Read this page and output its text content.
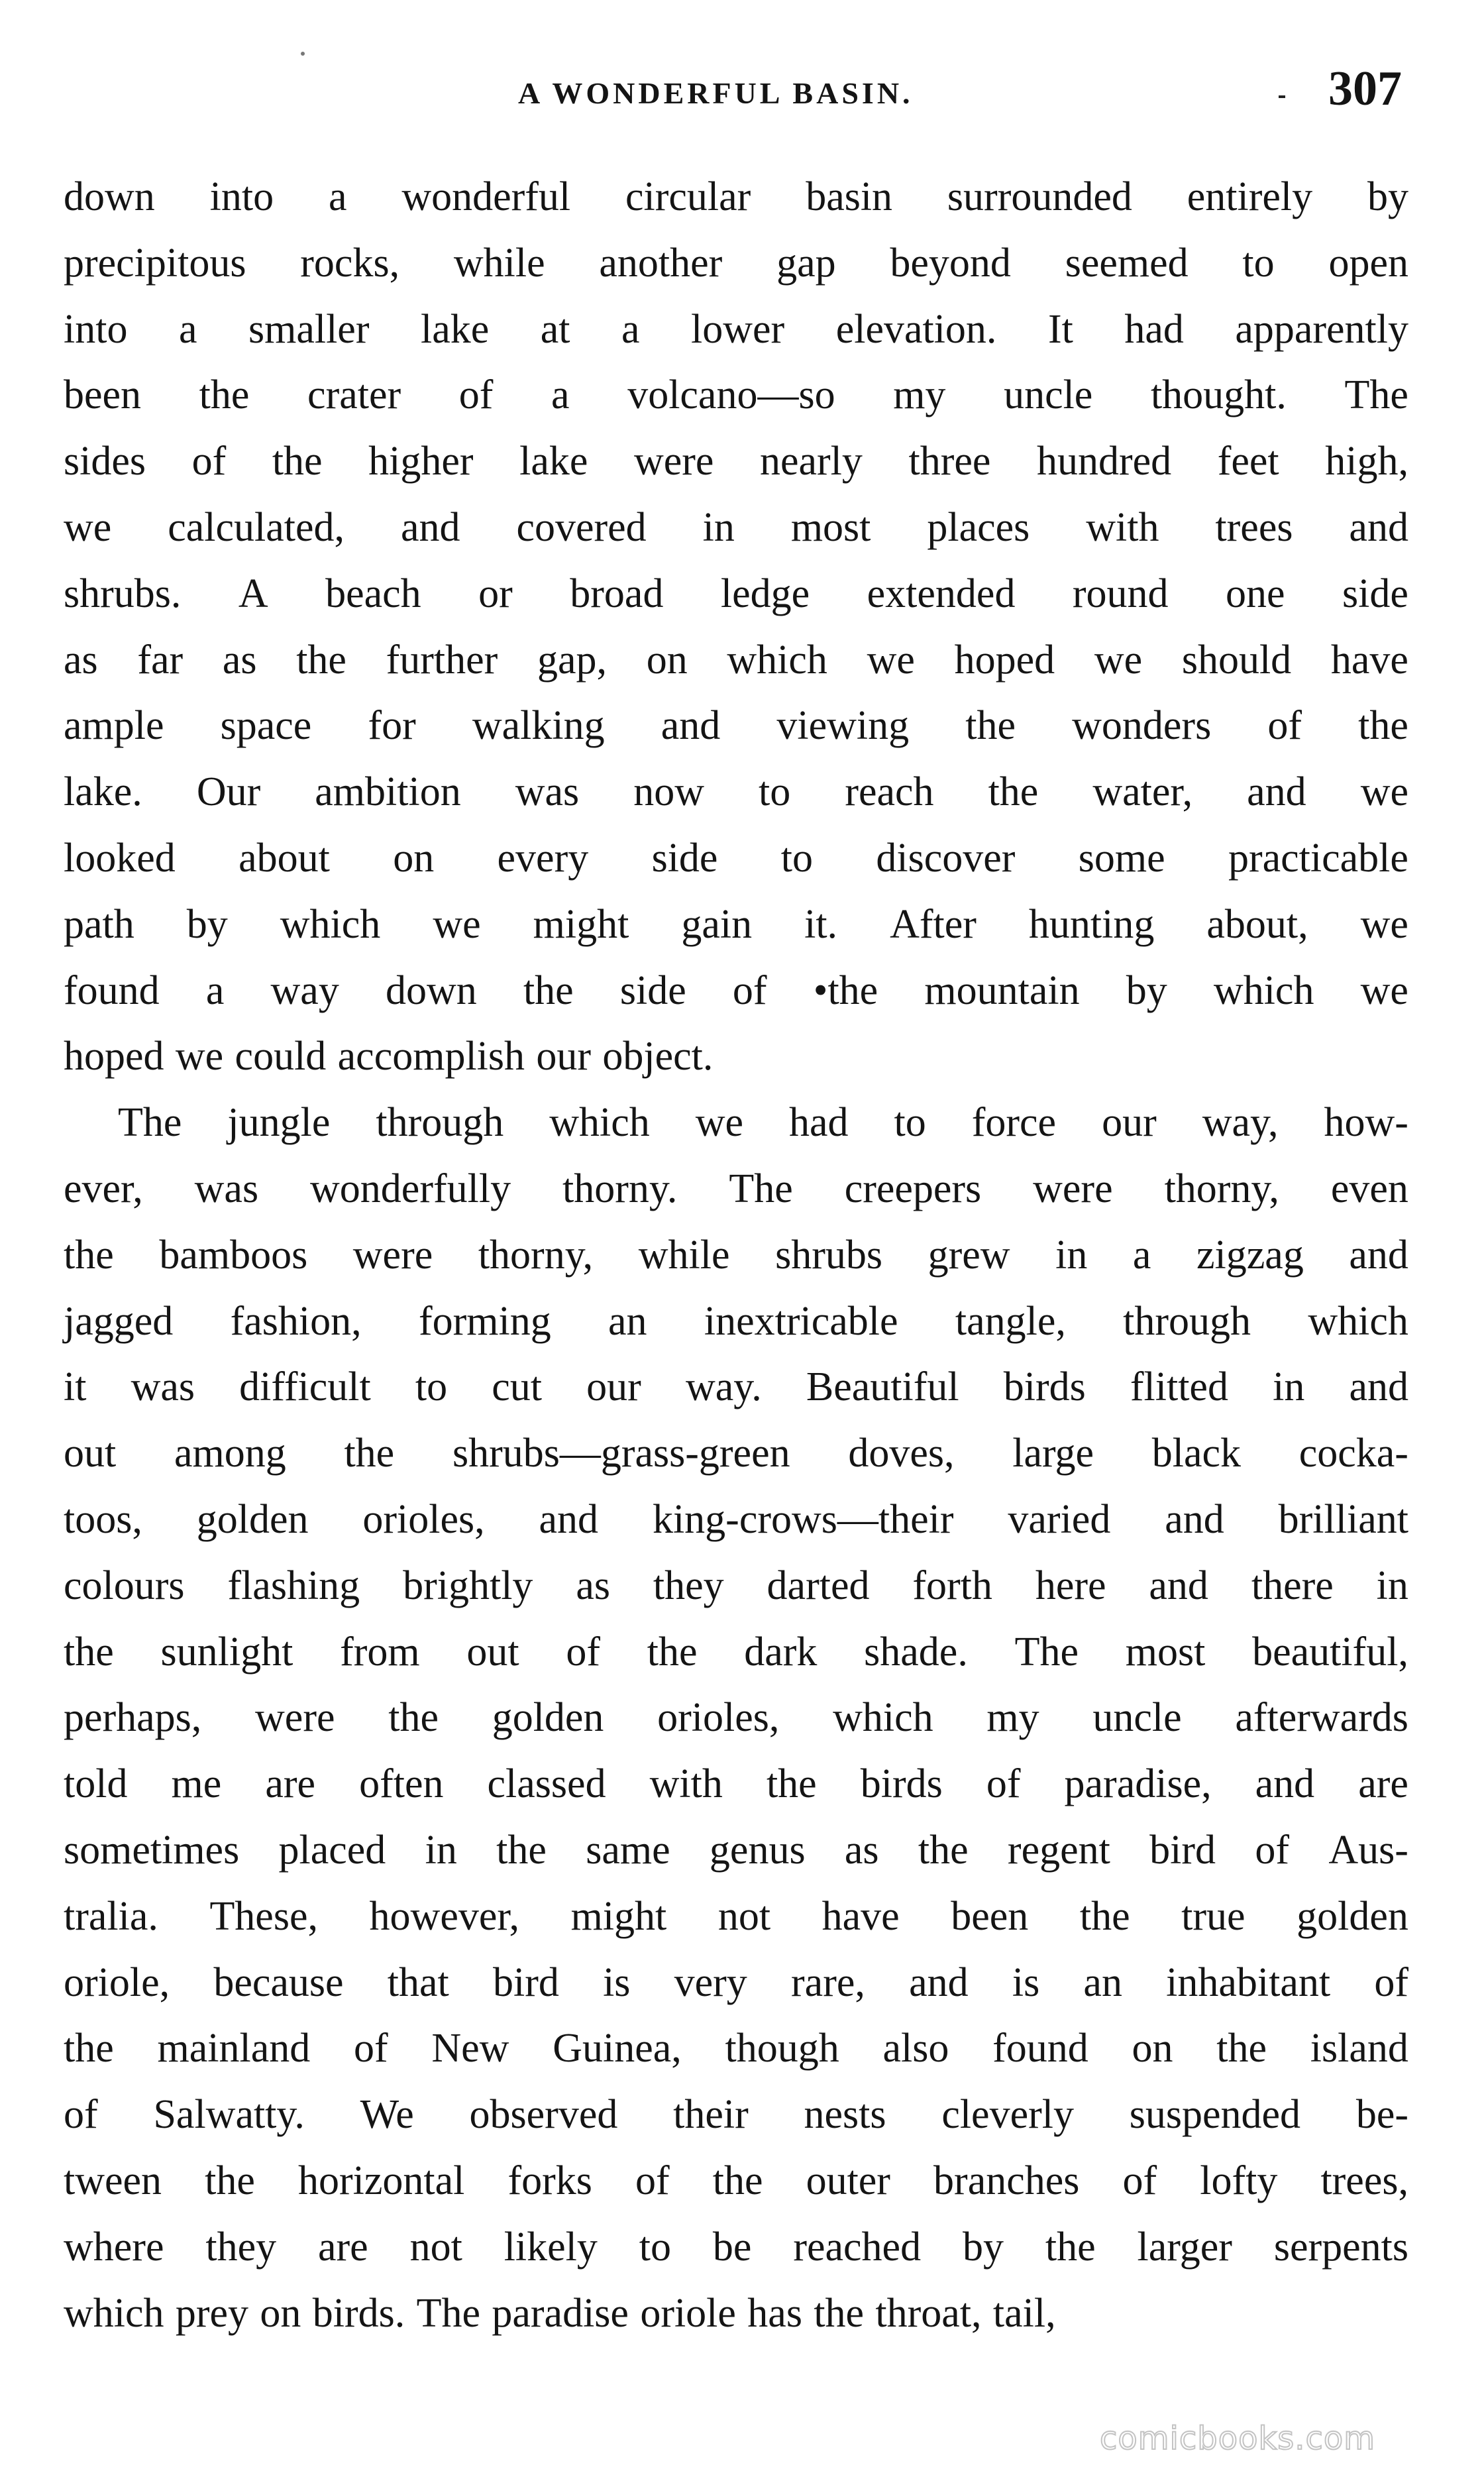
A WONDERFUL BASIN.	307
down into a wonderful circular basin surrounded entirely by
precipitous rocks, while another gap beyond seemed to open
into a smaller lake at a lower elevation. It had apparently
been the crater of a volcano—so my uncle thought. The
sides of the higher lake were nearly three hundred feet high,
we calculated, and covered in most places with trees and
shrubs. A beach or broad ledge extended round one side
as far as the further gap, on which we hoped we should have
ample space for walking and viewing the wonders of the
lake. Our ambition was now to reach the water, and we
looked about on every side to discover some practicable
path by which we might gain it. After hunting about, we
found a way down the side of •the mountain by which we
hoped we could accomplish our object.
The jungle through which we had to force our way, how-
ever, was wonderfully thorny. The creepers were thorny, even
the bamboos were thorny, while shrubs grew in a zigzag and
jagged fashion, forming an inextricable tangle, through which
it was difficult to cut our way. Beautiful birds flitted in and
out among the shrubs—grass-green doves, large black cocka-
toos, golden orioles, and king-crows—their varied and brilliant
colours flashing brightly as they darted forth here and there in
the sunlight from out of the dark shade. The most beautiful,
perhaps, were the golden orioles, which my uncle afterwards
told me are often classed with the birds of paradise, and are
sometimes placed in the same genus as the regent bird of Aus-
tralia. These, however, might not have been the true golden
oriole, because that bird is very rare, and is an inhabitant of
the mainland of New Guinea, though also found on the island
of Salwatty. We observed their nests cleverly suspended be-
tween the horizontal forks of the outer branches of lofty trees,
where they are not likely to be reached by the larger serpents
which prey on birds. The paradise oriole has the throat, tail,
comicbooks.com
